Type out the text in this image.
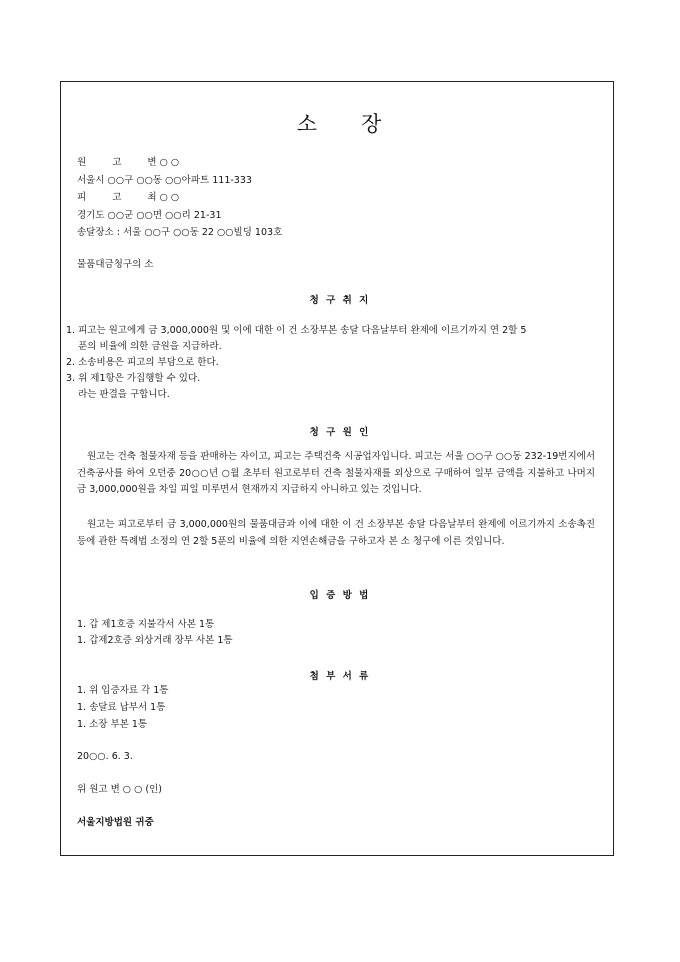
소 장
원	고	변 ○ ○
서울시 ○○구 ○○동 ○○아파트 111-333
피	고	최 ○ ○
경기도 ○○군 ○○면 ○○리 21-31
송달장소 : 서울 ○○구 ○○동 22 ○○빌딩 103호
물품대금청구의 소
청 구 취 지
1. 피고는 원고에게 금 3,000,000원 및 이에 대한 이 건 소장부본 송달 다음날부터 완제에 이르기까지 연 2할 5
푼의 비율에 의한 금원을 지급하라.
2. 소송비용은 피고의 부담으로 한다.
3. 위 제1항은 가집행할 수 있다.
라는 판결을 구합니다.
청 구 원 인
원고는 건축 철물자재 등을 판매하는 자이고, 피고는 주택건축 시공업자입니다. 피고는 서울 ○○구 ○○동 232-19번지에서 건축공사를 하여 오던중 20○○년 ○월 초부터 원고로부터 건축 철물자재를 외상으로 구매하여 일부 금액을 지불하고 나머지 금 3,000,000원을 차일 피일 미루면서 현재까지 지급하지 아니하고 있는 것입니다.
원고는 피고로부터 금 3,000,000원의 물품대금과 이에 대한 이 건 소장부본 송달 다음날부터 완제에 이르기까지 소송촉진등에 관한 특례법 소정의 연 2할 5푼의 비율에 의한 지연손해금을 구하고자 본 소 청구에 이른 것입니다.
입 증 방 법
1. 갑 제1호증 지불각서 사본 1통
1. 갑제2호증 외상거래 장부 사본 1통
첨 부 서 류
1. 위 입증자료 각 1통
1. 송달료 납부서 1통
1. 소장 부본 1통
20○○. 6. 3.
위 원고 변 ○ ○ (인)
서울지방법원 귀중
